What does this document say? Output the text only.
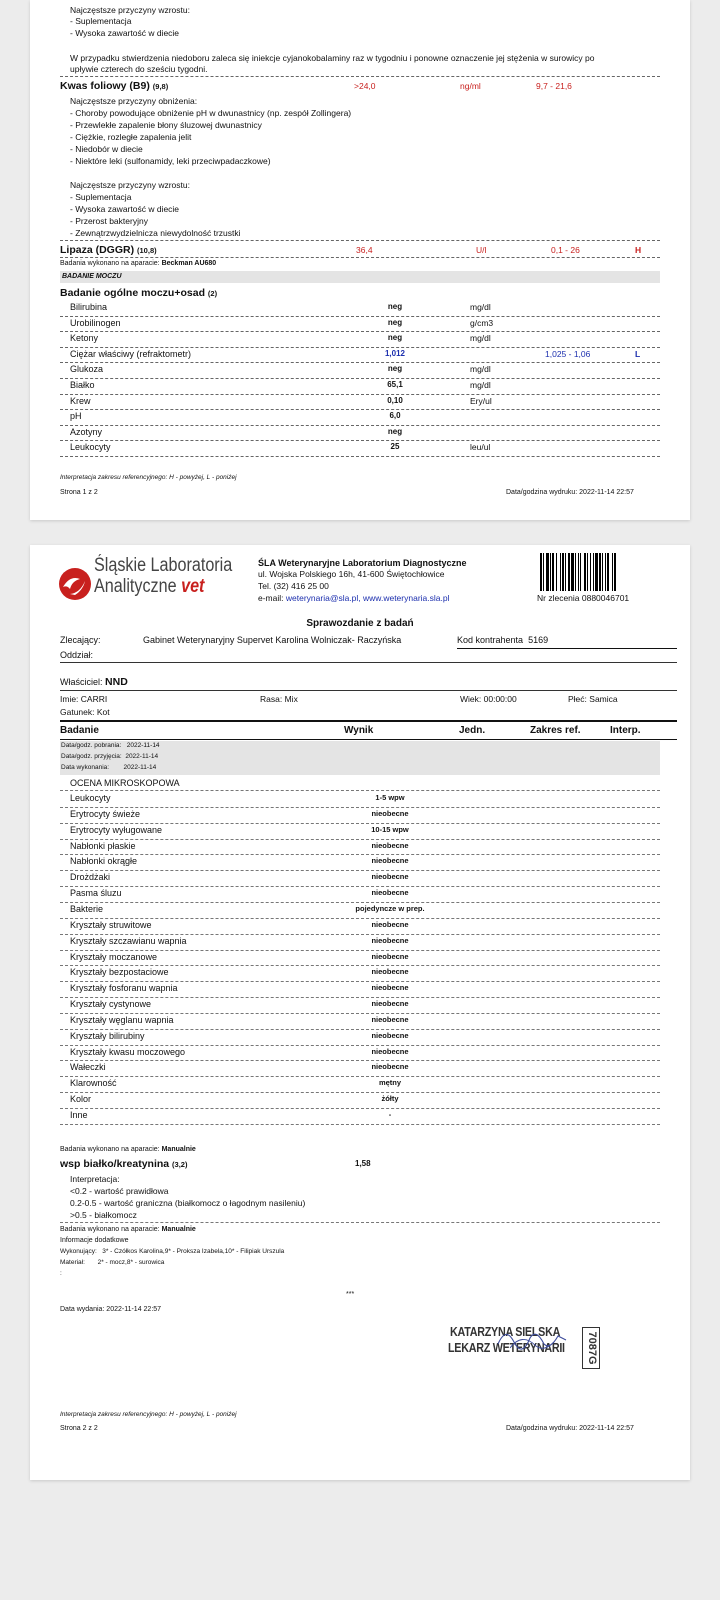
Najczęstsze przyczyny wzrostu:
- Suplementacja
- Wysoka zawartość w diecie
W przypadku stwierdzenia niedoboru zaleca się iniekcje cyjanokobalaminy raz w tygodniu i ponowne oznaczenie jej stężenia w surowicy po
upływie czterech do sześciu tygodni.
Kwas foliowy (B9) (9,8)	>24,0	ng/ml	9,7 - 21,6
Najczęstsze przyczyny obniżenia:
- Choroby powodujące obniżenie pH w dwunastnicy (np. zespół Zollingera)
- Przewlekłe zapalenie błony śluzowej dwunastnicy
- Ciężkie, rozległe zapalenia jelit
- Niedobór w diecie
- Niektóre leki (sulfonamidy, leki przeciwpadaczkowe)
Najczęstsze przyczyny wzrostu:
- Suplementacja
- Wysoka zawartość w diecie
- Przerost bakteryjny
- Zewnątrzwydzielnicza niewydolność trzustki
Lipaza (DGGR) (10,8)	36,4	U/l	0,1 - 26	H
Badania wykonano na aparacie: Beckman AU680
BADANIE MOCZU
Badanie ogólne moczu+osad (2)
Interpretacja zakresu referencyjnego: H - powyżej, L - poniżej
Strona 1 z 2	Data/godzina wydruku: 2022-11-14 22:57
Bilirubina	neg	mg/dl
Urobilinogen	neg	g/cm3
Ketony	neg	mg/dl
Ciężar właściwy (refraktometr)	1,012	1,025 - 1,06	L
Glukoza	neg	mg/dl
Białko	65,1	mg/dl
Krew	0,10	Ery/ul
pH	6,0
Azotyny	neg
Leukocyty	25	leu/ul
Śląskie Laboratoria
Analityczne vet
ŚLA Weterynaryjne Laboratorium Diagnostyczne
ul. Wojska Polskiego 16h, 41-600 Świętochłowice
Tel. (32) 416 25 00
e-mail: weterynaria@sla.pl, www.weterynaria.sla.pl	Nr zlecenia 0880046701
Sprawozdanie z badań
Zlecający:	Gabinet Weterynaryjny Supervet Karolina Wolniczak- Raczyńska	Kod kontrahenta 5169
Oddział:
Właściciel: NND
Imie: CARRI	Rasa: Mix	Wiek: 00:00:00	Płeć: Samica
Gatunek: Kot
Badanie	Wynik	Jedn.	Zakres ref.	Interp.
Data/godz. pobrania: 2022-11-14
Data/godz. przyjęcia: 2022-11-14
Data wykonania: 2022-11-14
OCENA MIKROSKOPOWA
Badania wykonano na aparacie: Manualnie
wsp białko/kreatynina (3,2)	1,58
Interpretacja:
<0.2 - wartość prawidłowa
0.2-0.5 - wartość graniczna (białkomocz o łagodnym nasileniu)
>0.5 - białkomocz
Badania wykonano na aparacie: Manualnie
Informacje dodatkowe
Wykonujący: 3* - Czółkos Karolina,9* - Proksza Izabela,10* - Filipiak Urszula
Materiał: 2* - mocz,8* - surowica
:
***
Data wydania: 2022-11-14 22:57
KATARZYNA SIELSKA
LEKARZ WETERYNARII 7087G
Interpretacja zakresu referencyjnego: H - powyżej, L - poniżej
Strona 2 z 2	Data/godzina wydruku: 2022-11-14 22:57
Leukocyty	1-5 wpw
Erytrocyty świeże	nieobecne
Erytrocyty wyługowane	10-15 wpw
Nabłonki płaskie	nieobecne
Nabłonki okrągłe	nieobecne
Drożdżaki	nieobecne
Pasma śluzu	nieobecne
Bakterie	pojedyncze w prep.
Kryształy struwitowe	nieobecne
Kryształy szczawianu wapnia	nieobecne
Kryształy moczanowe	nieobecne
Kryształy bezpostaciowe	nieobecne
Kryształy fosforanu wapnia	nieobecne
Kryształy cystynowe	nieobecne
Kryształy węglanu wapnia	nieobecne
Kryształy bilirubiny	nieobecne
Kryształy kwasu moczowego	nieobecne
Wałeczki	nieobecne
Klarowność	mętny
Kolor	żółty
Inne	-
